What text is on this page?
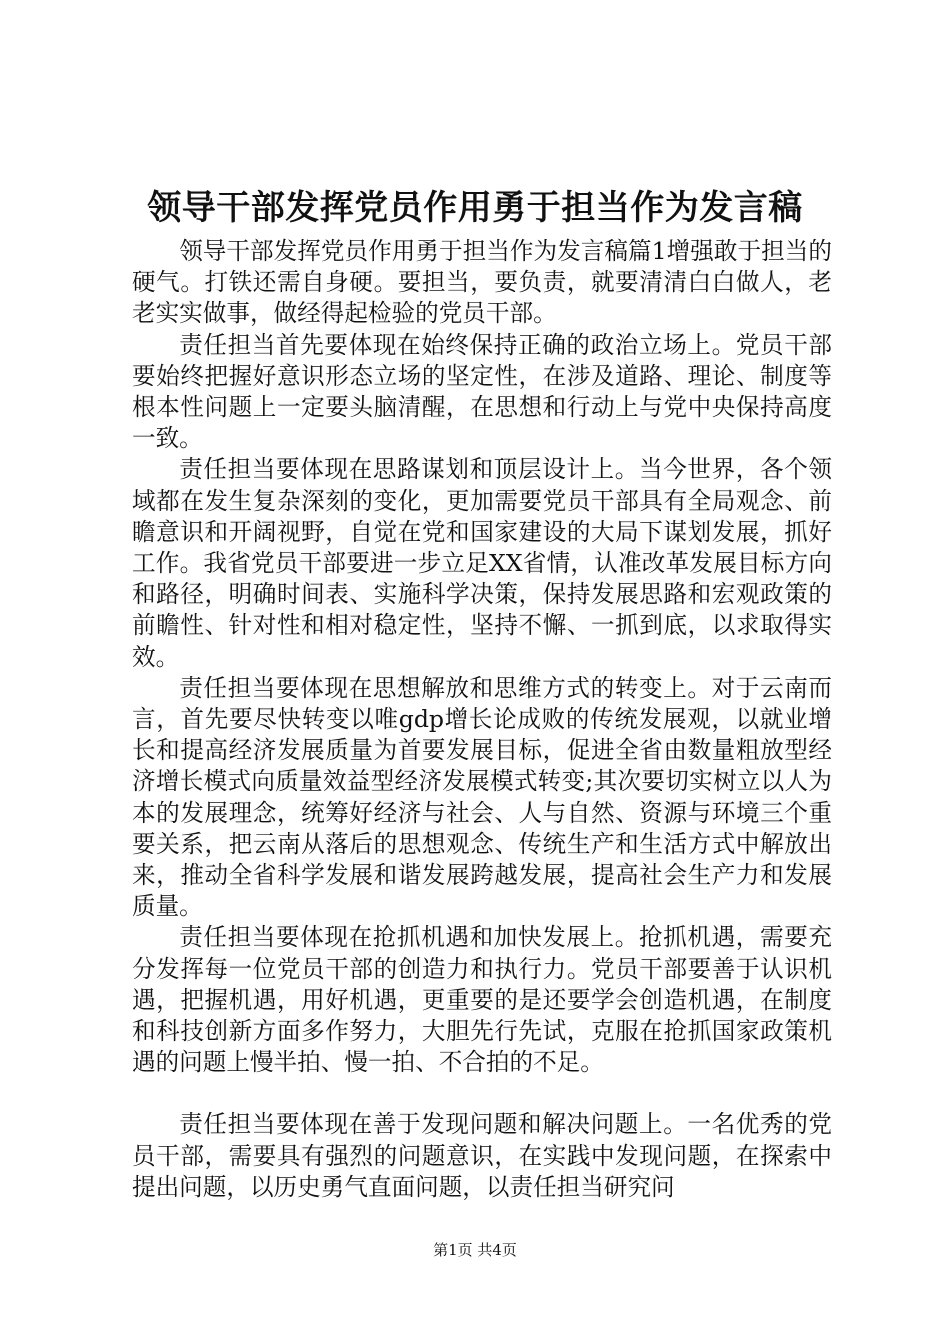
领导干部发挥党员作用勇于担当作为发言稿

领导干部发挥党员作用勇于担当作为发言稿篇1增强敢于担当的硬气。打铁还需自身硬。要担当，要负责，就要清清白白做人，老老实实做事，做经得起检验的党员干部。

责任担当首先要体现在始终保持正确的政治立场上。党员干部要始终把握好意识形态立场的坚定性，在涉及道路、理论、制度等根本性问题上一定要头脑清醒，在思想和行动上与党中央保持高度一致。

责任担当要体现在思路谋划和顶层设计上。当今世界，各个领域都在发生复杂深刻的变化，更加需要党员干部具有全局观念、前瞻意识和开阔视野，自觉在党和国家建设的大局下谋划发展，抓好工作。我省党员干部要进一步立足XX省情，认准改革发展目标方向和路径，明确时间表、实施科学决策，保持发展思路和宏观政策的前瞻性、针对性和相对稳定性，坚持不懈、一抓到底，以求取得实效。

责任担当要体现在思想解放和思维方式的转变上。对于云南而言，首先要尽快转变以唯gdp增长论成败的传统发展观，以就业增长和提高经济发展质量为首要发展目标，促进全省由数量粗放型经济增长模式向质量效益型经济发展模式转变;其次要切实树立以人为本的发展理念，统筹好经济与社会、人与自然、资源与环境三个重要关系，把云南从落后的思想观念、传统生产和生活方式中解放出来，推动全省科学发展和谐发展跨越发展，提高社会生产力和发展质量。

责任担当要体现在抢抓机遇和加快发展上。抢抓机遇，需要充分发挥每一位党员干部的创造力和执行力。党员干部要善于认识机遇，把握机遇，用好机遇，更重要的是还要学会创造机遇，在制度和科技创新方面多作努力，大胆先行先试，克服在抢抓国家政策机遇的问题上慢半拍、慢一拍、不合拍的不足。

责任担当要体现在善于发现问题和解决问题上。一名优秀的党员干部，需要具有强烈的问题意识，在实践中发现问题，在探索中提出问题，以历史勇气直面问题，以责任担当研究问

第1页 共4页
